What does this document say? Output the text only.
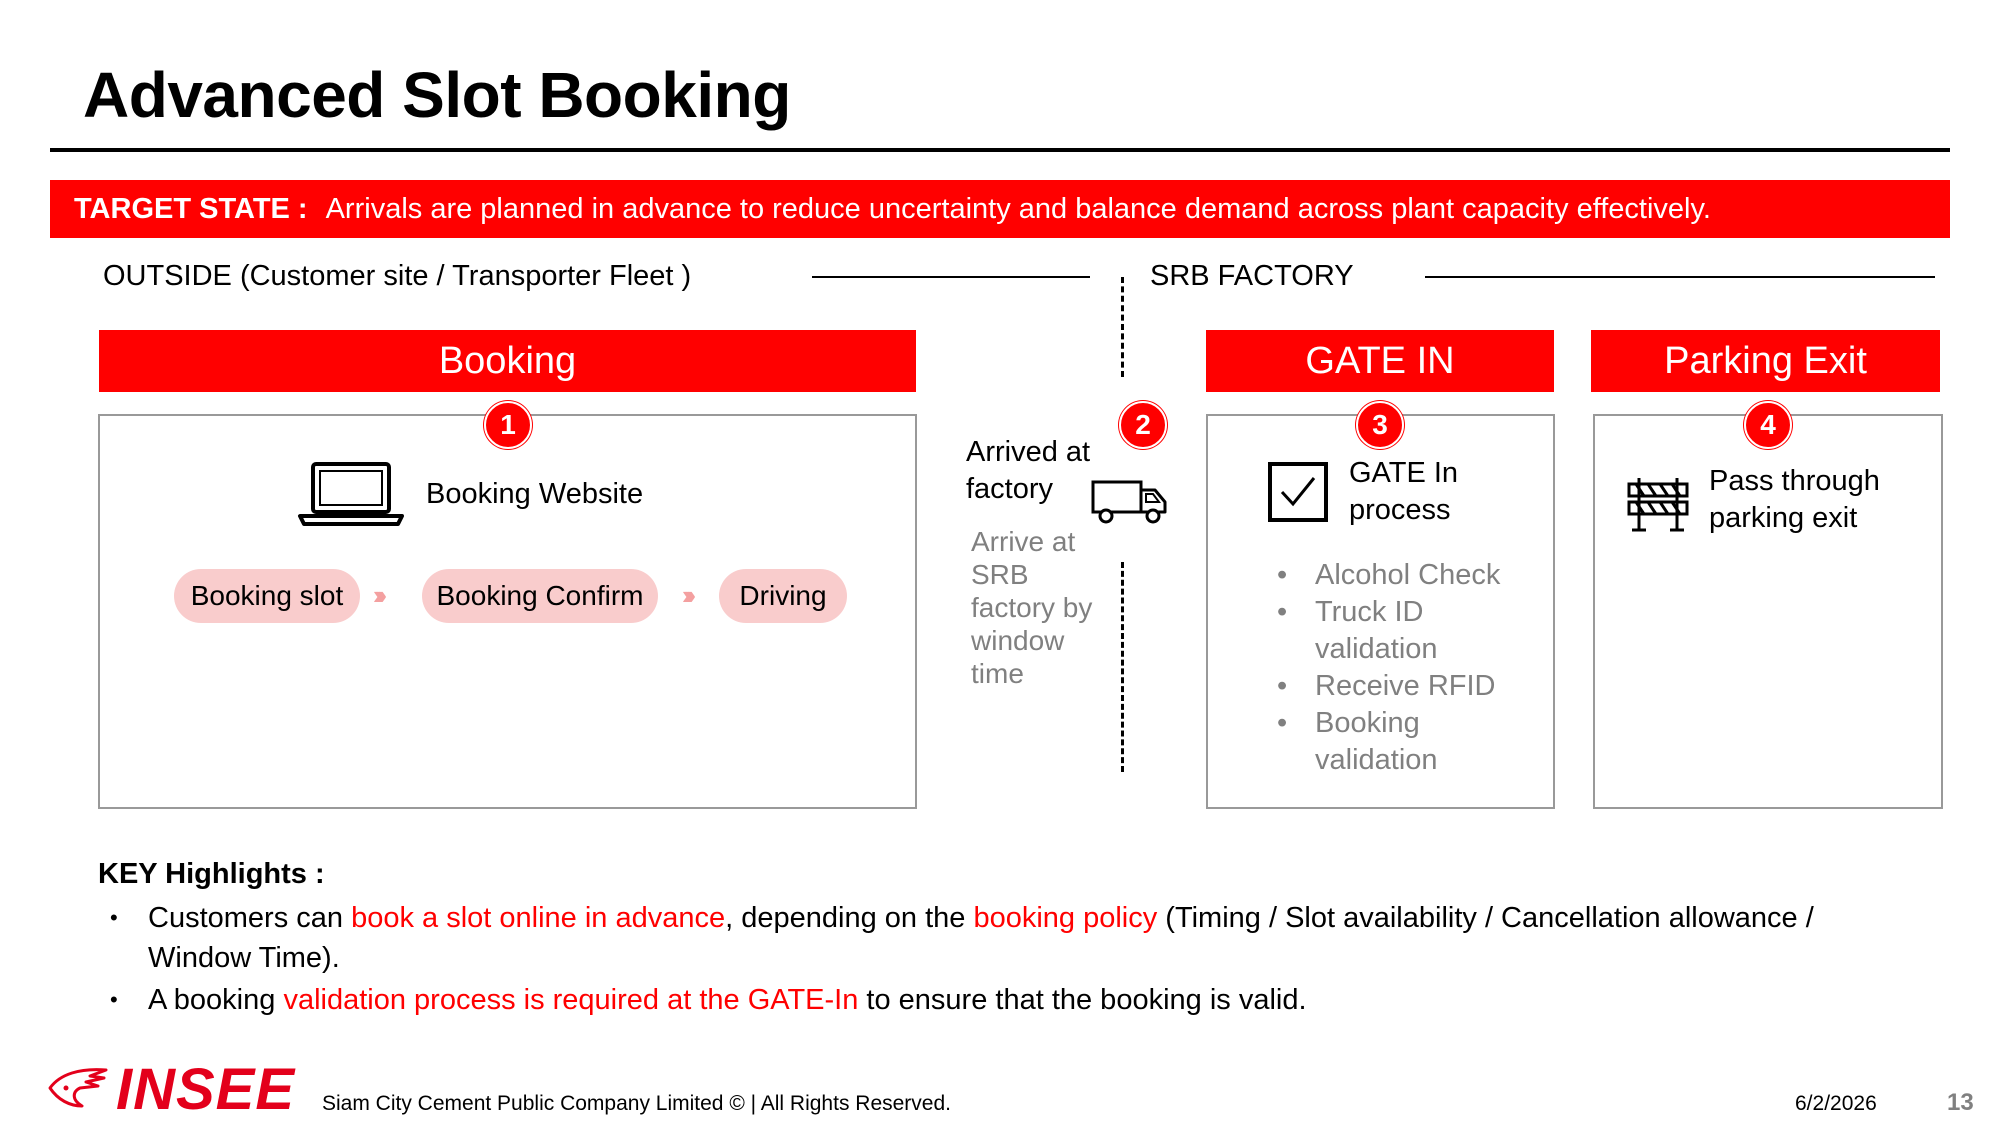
Advanced Slot Booking
TARGET STATE : Arrivals are planned in advance to reduce uncertainty and balance demand across plant capacity effectively.
OUTSIDE (Customer site / Transporter Fleet )	SRB FACTORY
Booking
1
Booking Website
Booking slot	›››	Booking Confirm	›››	Driving
2
Arrived at
factory
Arrive at
SRB
factory by
window
time
GATE IN
3
GATE In
process
• Alcohol Check
• Truck ID validation
• Receive RFID
• Booking validation
Parking Exit
4
Pass through
parking exit
KEY Highlights :
• Customers can book a slot online in advance, depending on the booking policy (Timing / Slot availability / Cancellation allowance / Window Time).
• A booking validation process is required at the GATE-In to ensure that the booking is valid.
INSEE Siam City Cement Public Company Limited © | All Rights Reserved.	6/2/2026	13
